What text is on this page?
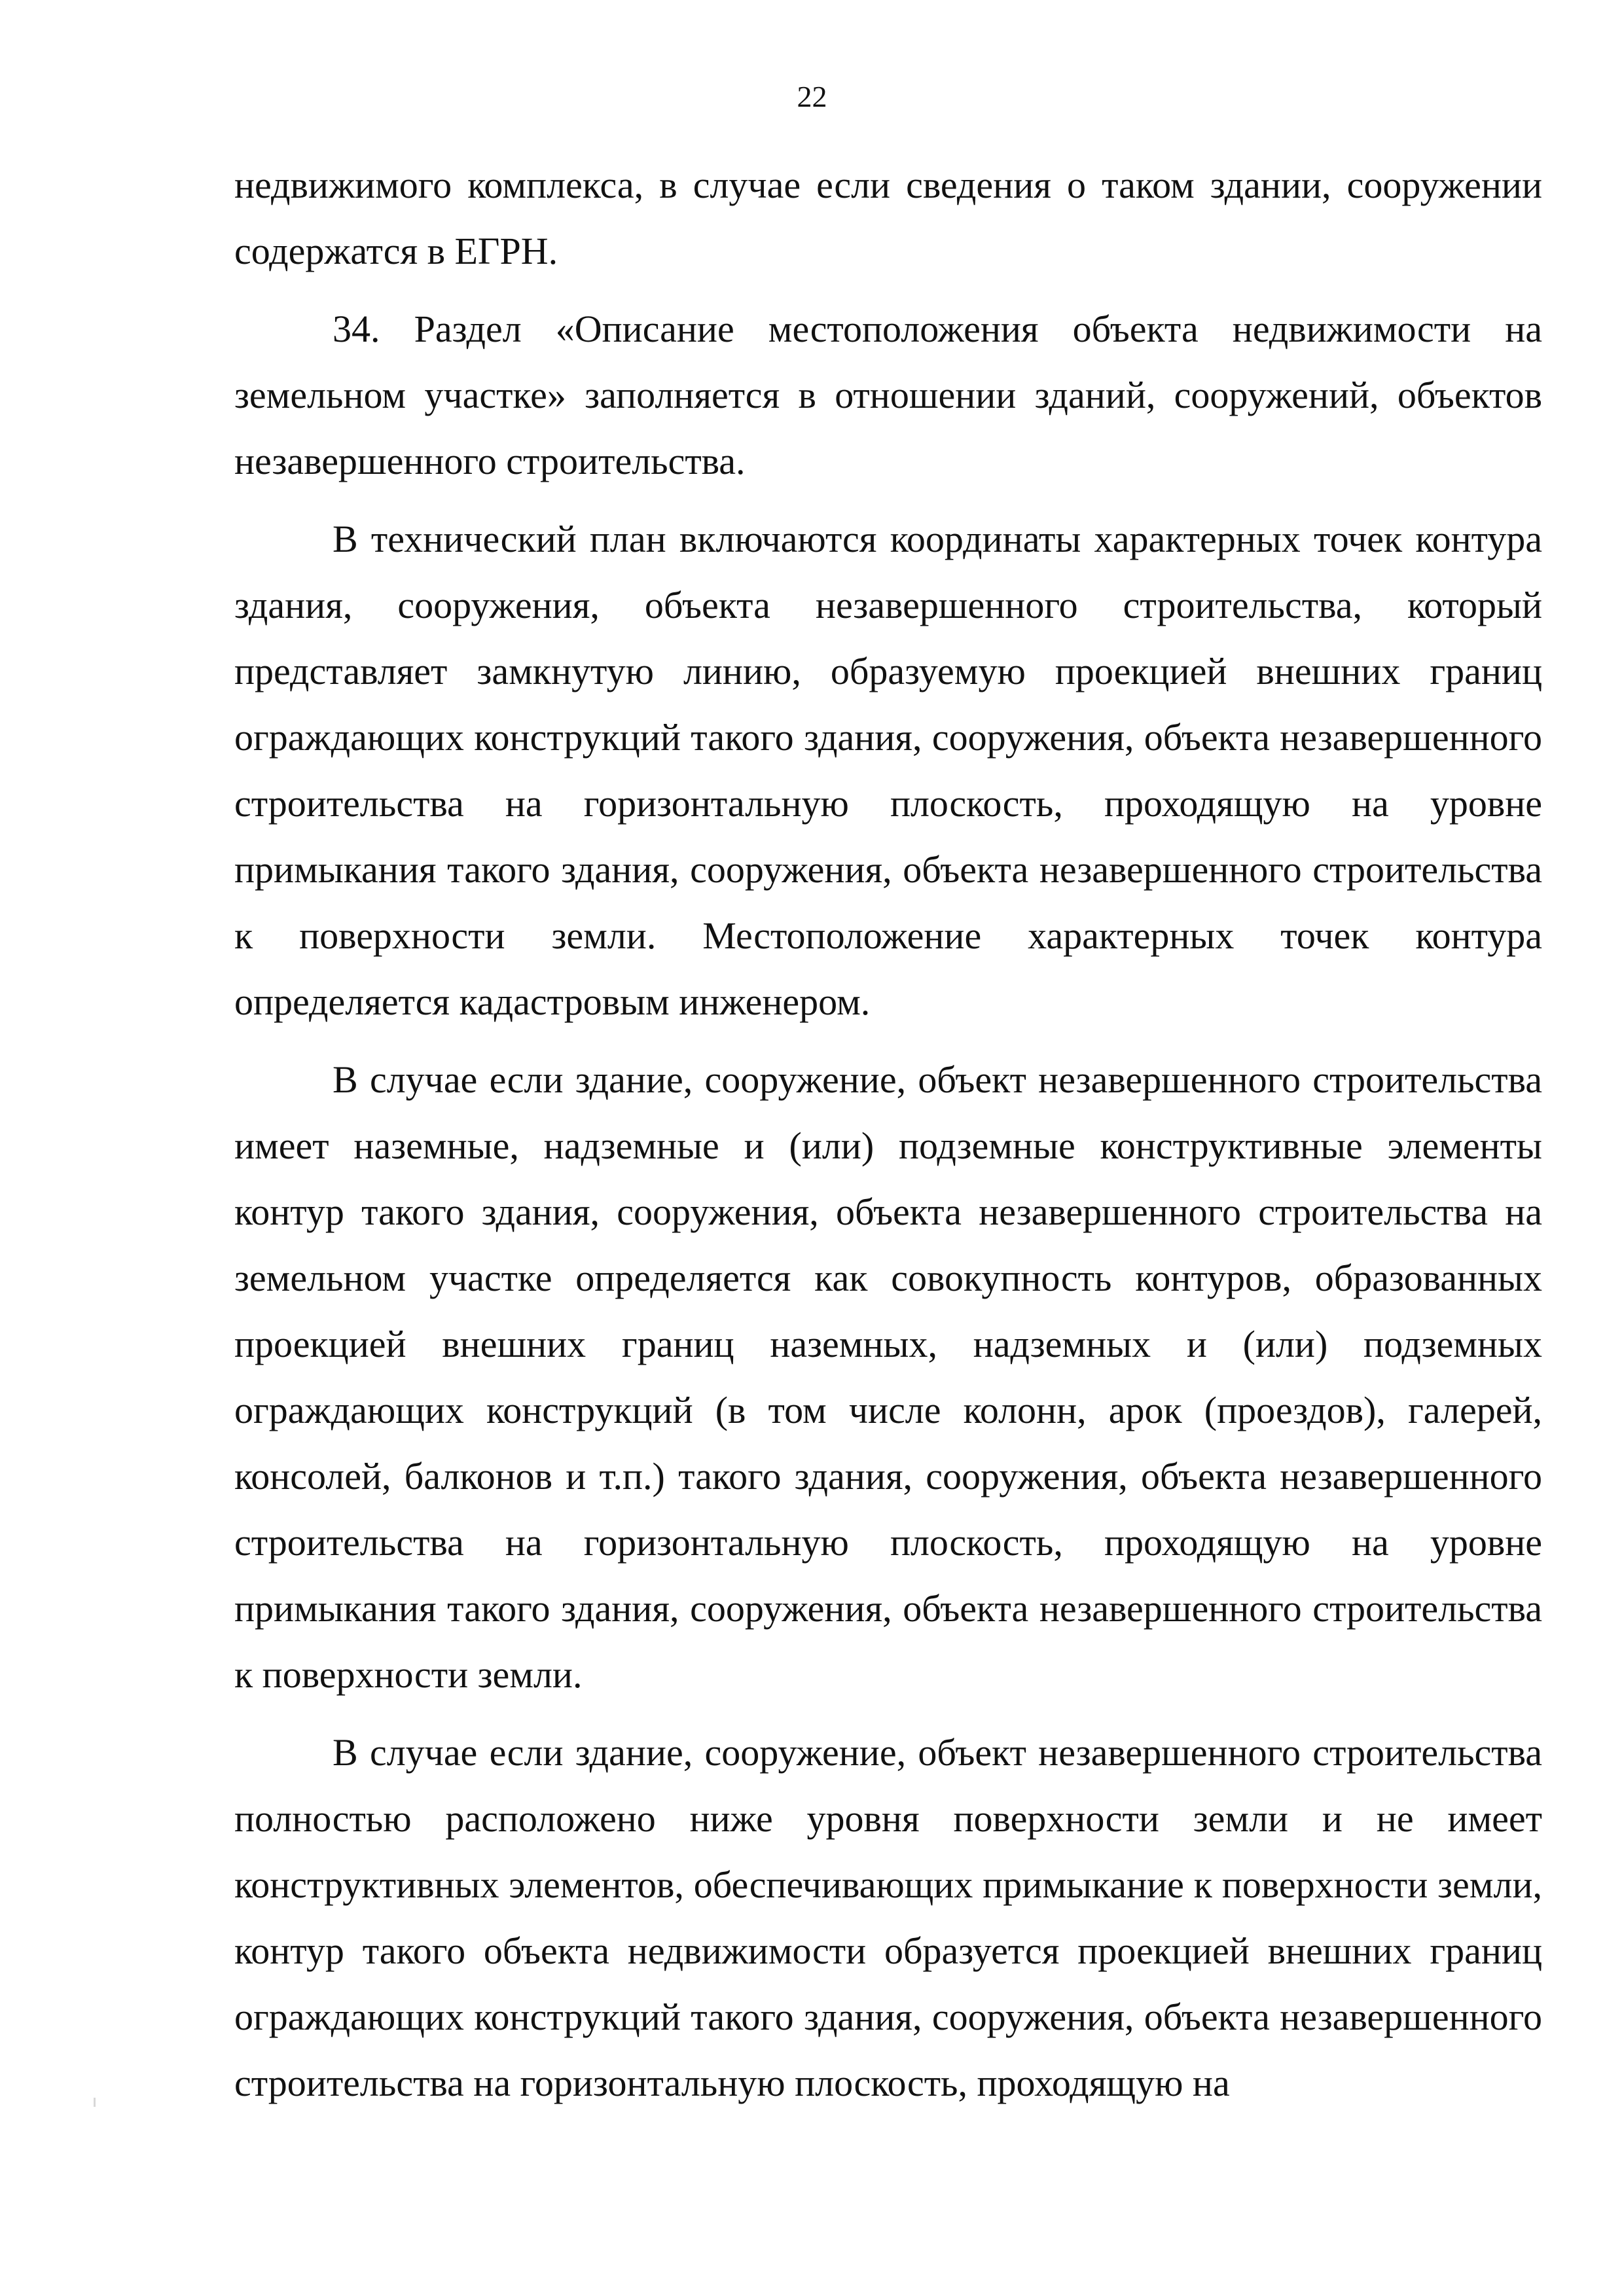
22

недвижимого комплекса, в случае если сведения о таком здании, сооружении содержатся в ЕГРН.

34. Раздел «Описание местоположения объекта недвижимости на земельном участке» заполняется в отношении зданий, сооружений, объектов незавершенного строительства.

В технический план включаются координаты характерных точек контура здания, сооружения, объекта незавершенного строительства, который представляет замкнутую линию, образуемую проекцией внешних границ ограждающих конструкций такого здания, сооружения, объекта незавершенного строительства на горизонтальную плоскость, проходящую на уровне примыкания такого здания, сооружения, объекта незавершенного строительства к поверхности земли. Местоположение характерных точек контура определяется кадастровым инженером.

В случае если здание, сооружение, объект незавершенного строительства имеет наземные, надземные и (или) подземные конструктивные элементы контур такого здания, сооружения, объекта незавершенного строительства на земельном участке определяется как совокупность контуров, образованных проекцией внешних границ наземных, надземных и (или) подземных ограждающих конструкций (в том числе колонн, арок (проездов), галерей, консолей, балконов и т.п.) такого здания, сооружения, объекта незавершенного строительства на горизонтальную плоскость, проходящую на уровне примыкания такого здания, сооружения, объекта незавершенного строительства к поверхности земли.

В случае если здание, сооружение, объект незавершенного строительства полностью расположено ниже уровня поверхности земли и не имеет конструктивных элементов, обеспечивающих примыкание к поверхности земли, контур такого объекта недвижимости образуется проекцией внешних границ ограждающих конструкций такого здания, сооружения, объекта незавершенного строительства на горизонтальную плоскость, проходящую на
